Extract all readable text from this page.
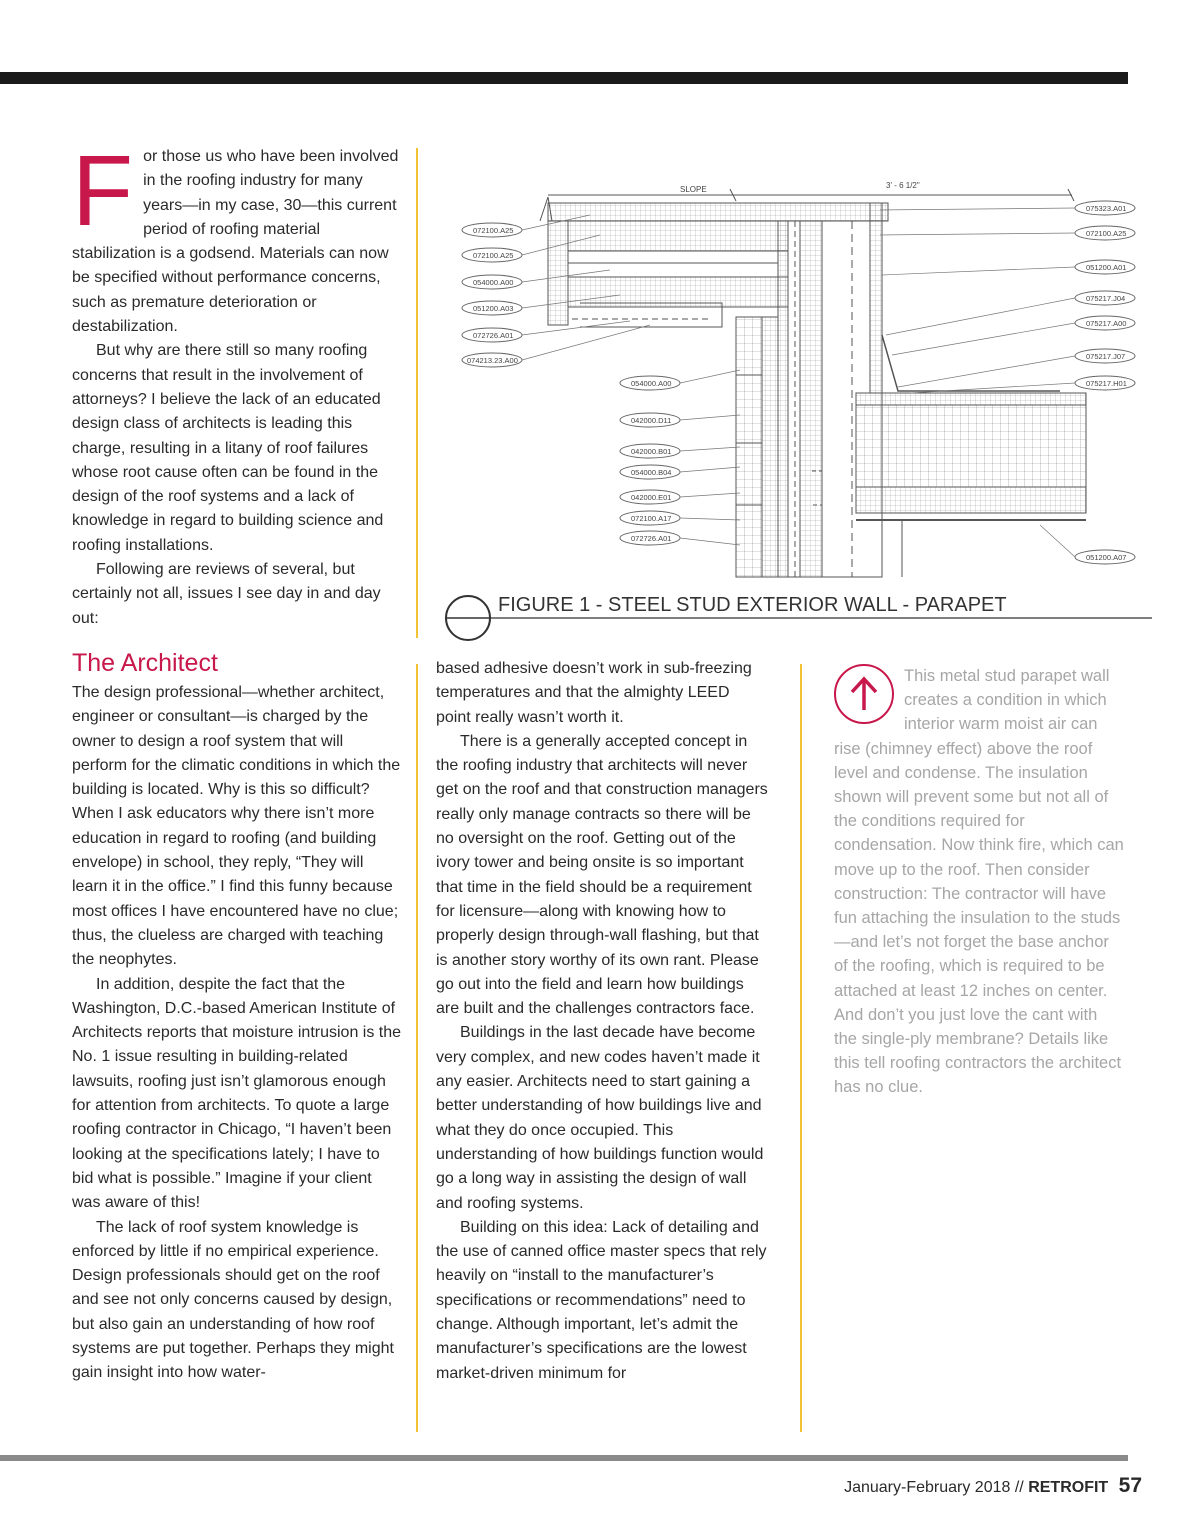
F or those us who have been involved in the roofing industry for many years—in my case, 30—this current period of roofing material stabilization is a godsend. Materials can now be specified without performance concerns, such as premature deterioration or destabilization.

But why are there still so many roofing concerns that result in the involvement of attorneys? I believe the lack of an educated design class of architects is leading this charge, resulting in a litany of roof failures whose root cause often can be found in the design of the roof systems and a lack of knowledge in regard to building science and roofing installations.

Following are reviews of several, but certainly not all, issues I see day in and day out:

SLOPE	3' - 6 1/2"
072100.A25
072100.A25
054000.A00
051200.A03
072726.A01
074213.23.A00
054000.A00
042000.D11
042000.B01
054000.B04
042000.E01
072100.A17
072726.A01
075323.A01
072100.A25
051200.A01
075217.J04
075217.A00
075217.J07
075217.H01
051200.A07
FIGURE 1 - STEEL STUD EXTERIOR WALL - PARAPET
The Architect

The design professional—whether architect, engineer or consultant—is charged by the owner to design a roof system that will perform for the climatic conditions in which the building is located. Why is this so difficult? When I ask educators why there isn’t more education in regard to roofing (and building envelope) in school, they reply, “They will learn it in the office.” I find this funny because most offices I have encountered have no clue; thus, the clueless are charged with teaching the neophytes.

In addition, despite the fact that the Washington, D.C.-based American Institute of Architects reports that moisture intrusion is the No. 1 issue resulting in building-related lawsuits, roofing just isn’t glamorous enough for attention from architects. To quote a large roofing contractor in Chicago, “I haven’t been looking at the specifications lately; I have to bid what is possible.” Imagine if your client was aware of this!

The lack of roof system knowledge is enforced by little if no empirical experience. Design professionals should get on the roof and see not only concerns caused by design, but also gain an understanding of how roof systems are put together. Perhaps they might gain insight into how water-

based adhesive doesn’t work in sub-freezing temperatures and that the almighty LEED point really wasn’t worth it.

There is a generally accepted concept in the roofing industry that architects will never get on the roof and that construction managers really only manage contracts so there will be no oversight on the roof. Getting out of the ivory tower and being onsite is so important that time in the field should be a requirement for licensure—along with knowing how to properly design through-wall flashing, but that is another story worthy of its own rant. Please go out into the field and learn how buildings are built and the challenges contractors face.

Buildings in the last decade have become very complex, and new codes haven’t made it any easier. Architects need to start gaining a better understanding of how buildings live and what they do once occupied. This understanding of how buildings function would go a long way in assisting the design of wall and roofing systems.

Building on this idea: Lack of detailing and the use of canned office master specs that rely heavily on “install to the manufacturer’s specifications or recommendations” need to change. Although important, let’s admit the manufacturer’s specifications are the lowest market-driven minimum for

This metal stud parapet wall creates a condition in which interior warm moist air can rise (chimney effect) above the roof level and condense. The insulation shown will prevent some but not all of the conditions required for condensation. Now think fire, which can move up to the roof. Then consider construction: The contractor will have fun attaching the insulation to the studs—and let’s not forget the base anchor of the roofing, which is required to be attached at least 12 inches on center. And don’t you just love the cant with the single-ply membrane? Details like this tell roofing contractors the architect has no clue.

January-February 2018 // RETROFIT 57
